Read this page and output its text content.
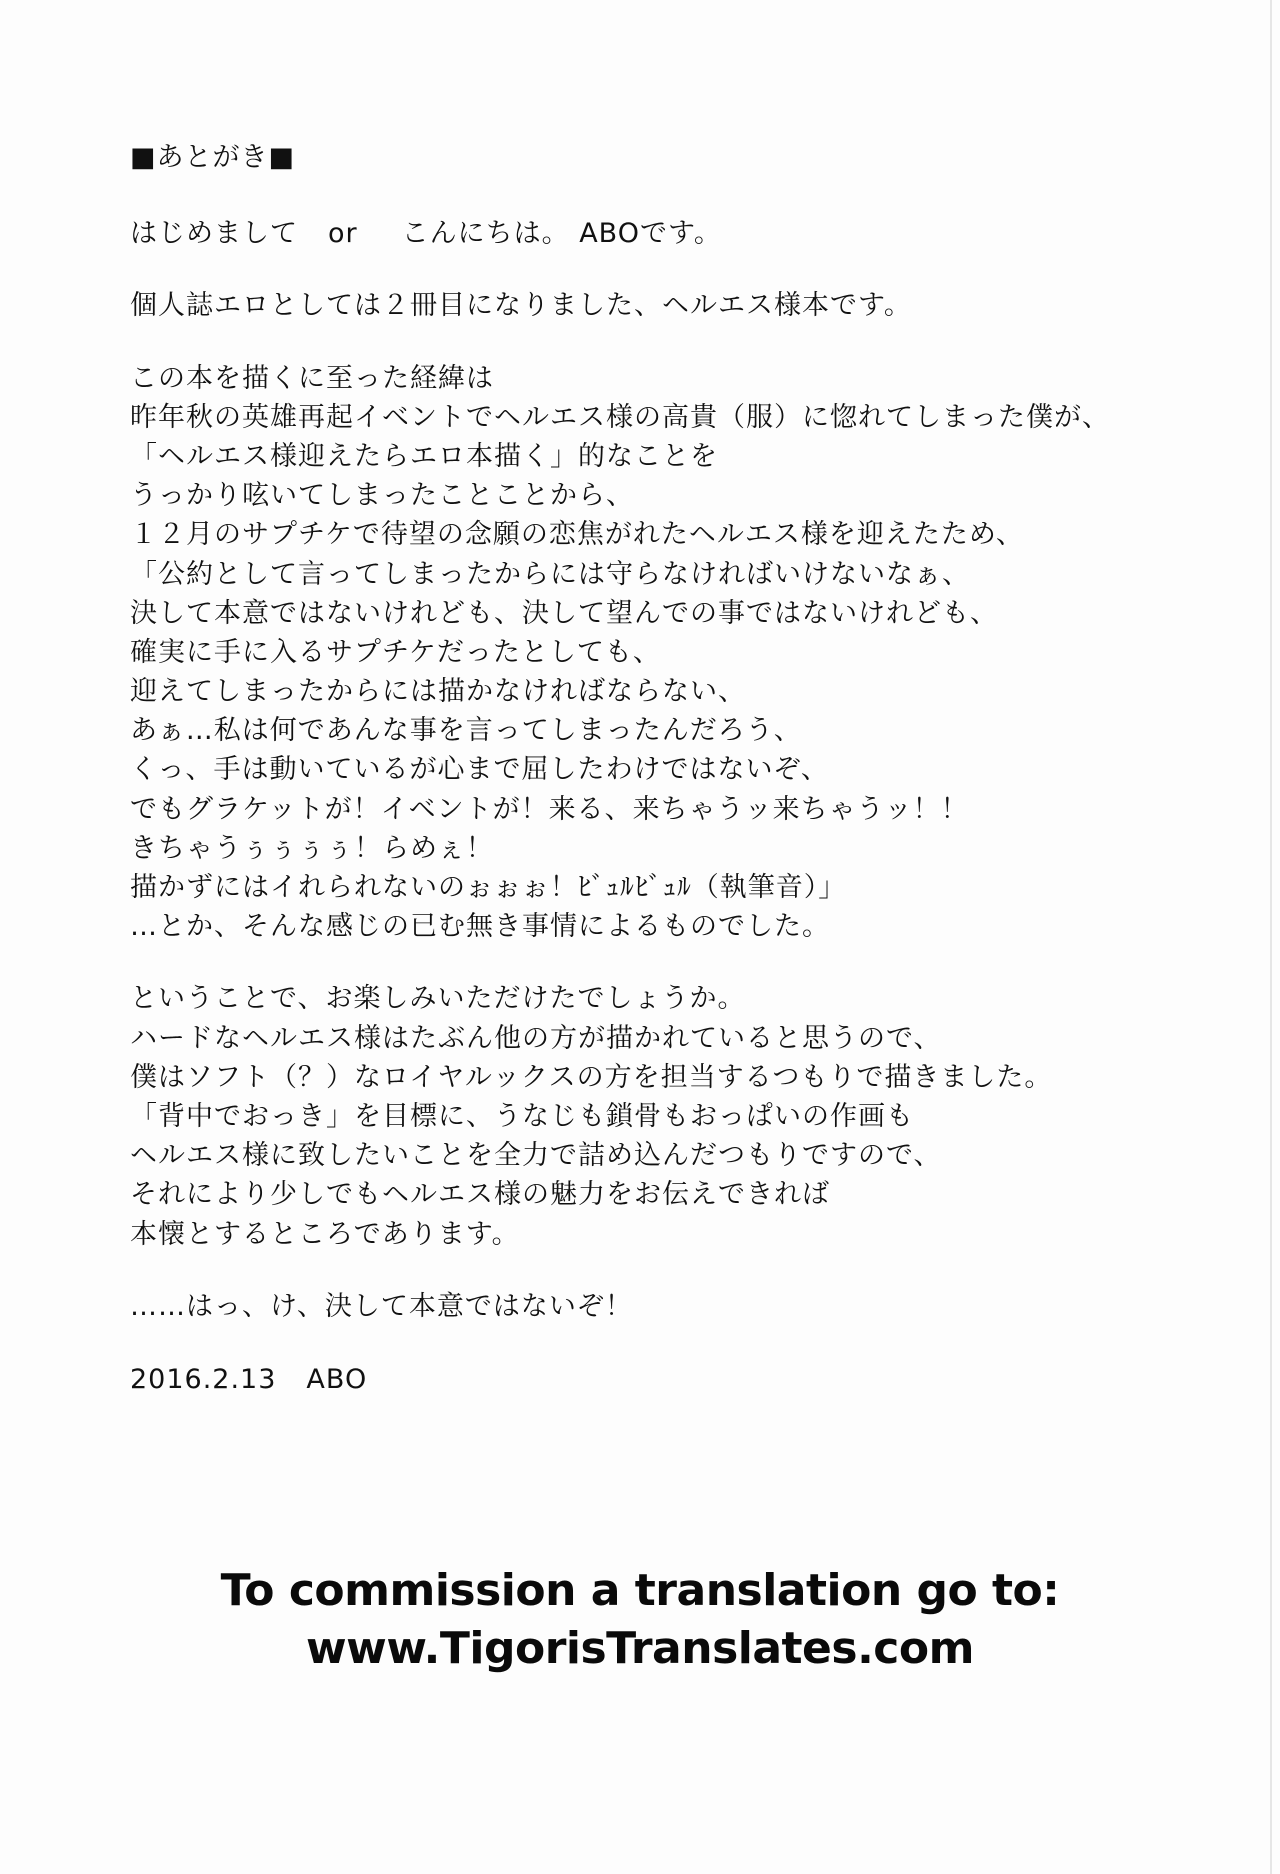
■あとがき■
はじめまして or こんにちは。 ABOです。
個人誌エロとしては２冊目になりました、ヘルエス様本です。
この本を描くに至った経緯は
昨年秋の英雄再起イベントでヘルエス様の高貴（服）に惚れてしまった僕が、
「ヘルエス様迎えたらエロ本描く」的なことを
うっかり呟いてしまったことことから、
１２月のサプチケで待望の念願の恋焦がれたヘルエス様を迎えたため、
「公約として言ってしまったからには守らなければいけないなぁ、
決して本意ではないけれども、決して望んでの事ではないけれども、
確実に手に入るサプチケだったとしても、
迎えてしまったからには描かなければならない、
あぁ…私は何であんな事を言ってしまったんだろう、
くっ、手は動いているが心まで屈したわけではないぞ、
でもグラケットが！イベントが！来る、来ちゃうッ来ちゃうッ！！
きちゃうぅぅぅぅ！らめぇ！
描かずにはイれられないのぉぉぉ！ﾋﾞｭﾙﾋﾞｭﾙ（執筆音）」
…とか、そんな感じの已む無き事情によるものでした。
ということで、お楽しみいただけたでしょうか。
ハードなヘルエス様はたぶん他の方が描かれていると思うので、
僕はソフト（？）なロイヤルックスの方を担当するつもりで描きました。
「背中でおっき」を目標に、うなじも鎖骨もおっぱいの作画も
ヘルエス様に致したいことを全力で詰め込んだつもりですので、
それにより少しでもヘルエス様の魅力をお伝えできれば
本懐とするところであります。
……はっ、け、決して本意ではないぞ！
2016.2.13 ABO
To commission a translation go to:
www.TigorisTranslates.com
